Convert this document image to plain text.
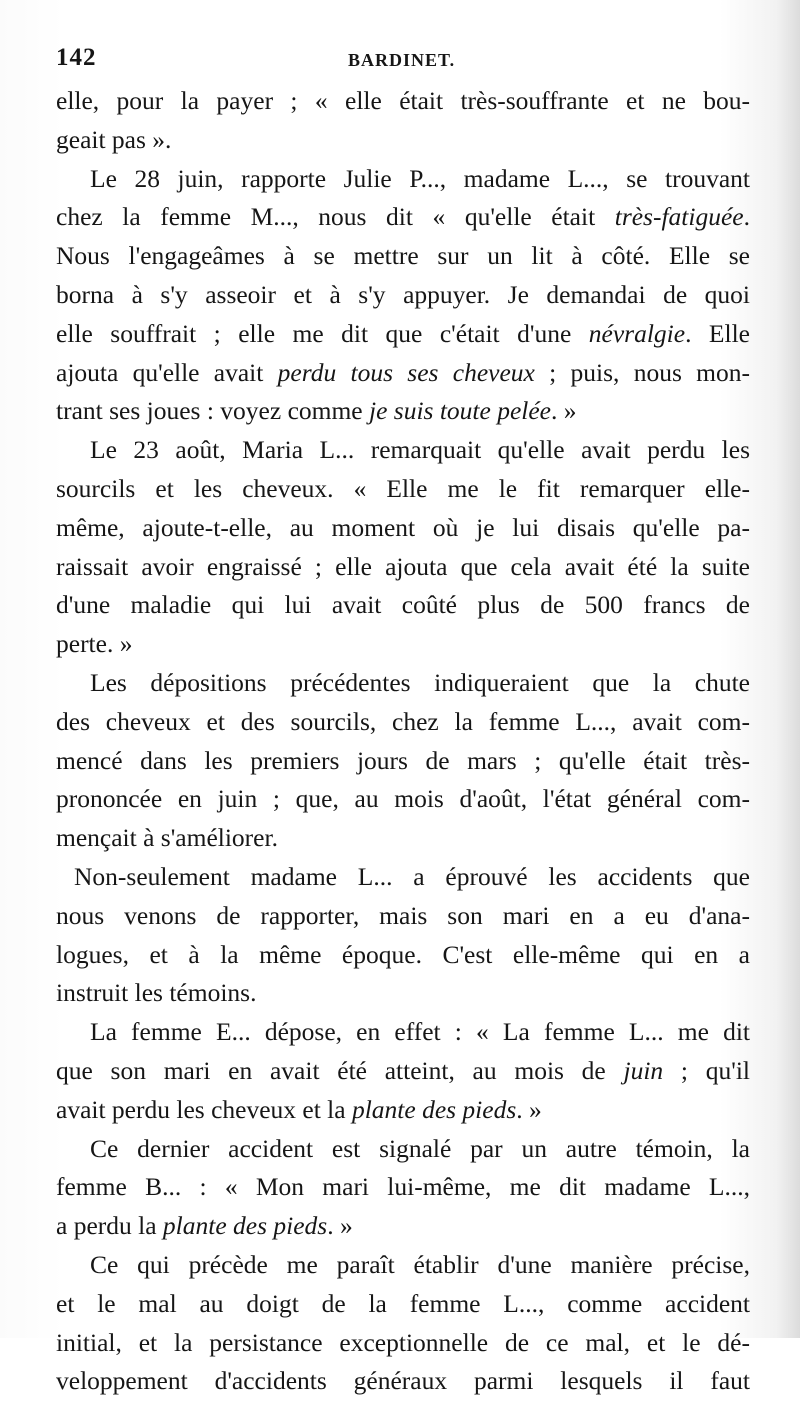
142	BARDINET.
elle, pour la payer ; « elle était très-souffrante et ne bou-
geait pas ».
Le 28 juin, rapporte Julie P..., madame L..., se trouvant
chez la femme M..., nous dit « qu'elle était très-fatiguée.
Nous l'engageâmes à se mettre sur un lit à côté. Elle se
borna à s'y asseoir et à s'y appuyer. Je demandai de quoi
elle souffrait ; elle me dit que c'était d'une névralgie. Elle
ajouta qu'elle avait perdu tous ses cheveux ; puis, nous mon-
trant ses joues : voyez comme je suis toute pelée. »
Le 23 août, Maria L... remarquait qu'elle avait perdu les
sourcils et les cheveux. « Elle me le fit remarquer elle-
même, ajoute-t-elle, au moment où je lui disais qu'elle pa-
raissait avoir engraissé ; elle ajouta que cela avait été la suite
d'une maladie qui lui avait coûté plus de 500 francs de
perte. »
Les dépositions précédentes indiqueraient que la chute
des cheveux et des sourcils, chez la femme L..., avait com-
mencé dans les premiers jours de mars ; qu'elle était très-
prononcée en juin ; que, au mois d'août, l'état général com-
mençait à s'améliorer.
Non-seulement madame L... a éprouvé les accidents que
nous venons de rapporter, mais son mari en a eu d'ana-
logues, et à la même époque. C'est elle-même qui en a
instruit les témoins.
La femme E... dépose, en effet : « La femme L... me dit
que son mari en avait été atteint, au mois de juin ; qu'il
avait perdu les cheveux et la plante des pieds. »
Ce dernier accident est signalé par un autre témoin, la
femme B... : « Mon mari lui-même, me dit madame L...,
a perdu la plante des pieds. »
Ce qui précède me paraît établir d'une manière précise,
et le mal au doigt de la femme L..., comme accident
initial, et la persistance exceptionnelle de ce mal, et le dé-
veloppement d'accidents généraux parmi lesquels il faut
